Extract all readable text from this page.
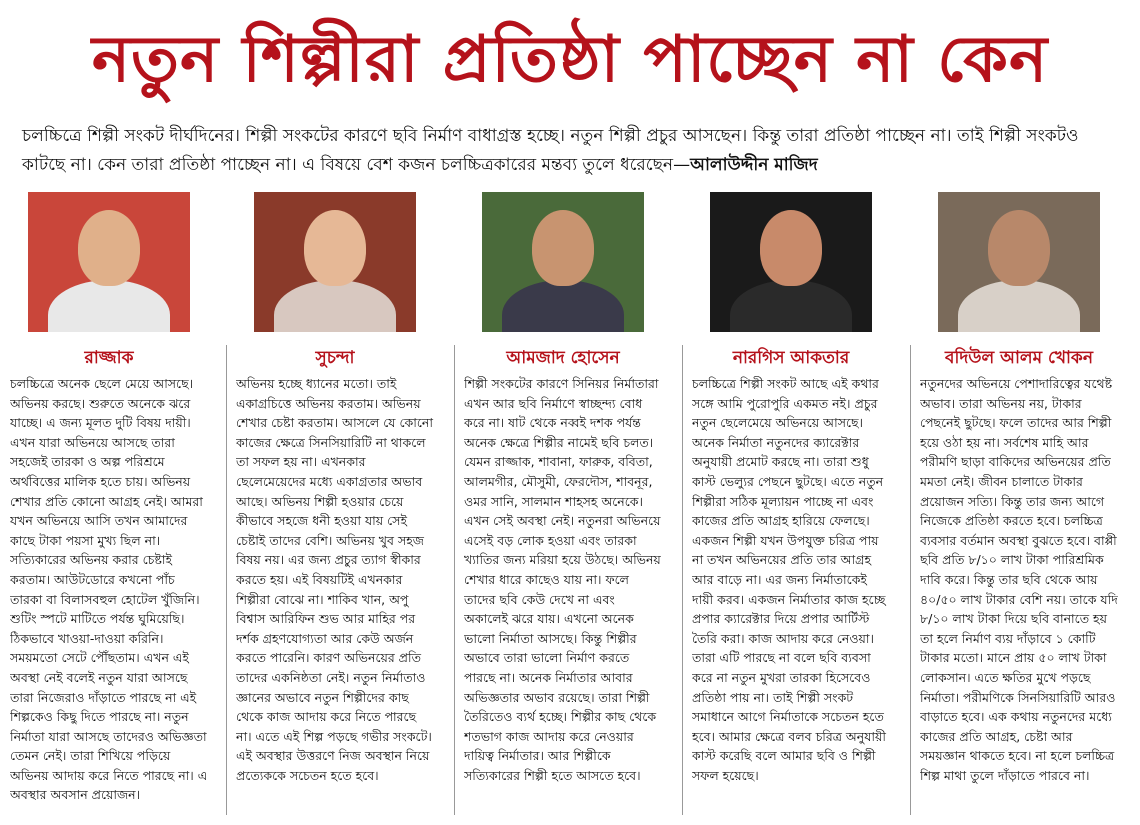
নতুন শিল্পীরা প্রতিষ্ঠা পাচ্ছেন না কেন
চলচ্চিত্রে শিল্পী সংকট দীর্ঘদিনের। শিল্পী সংকটের কারণে ছবি নির্মাণ বাধাগ্রস্ত হচ্ছে। নতুন শিল্পী প্রচুর আসছেন। কিন্তু তারা প্রতিষ্ঠা পাচ্ছেন না। তাই শিল্পী সংকটও কাটছে না। কেন তারা প্রতিষ্ঠা পাচ্ছেন না। এ বিষয়ে বেশ কজন চলচ্চিত্রকারের মন্তব্য তুলে ধরেছেন—আলাউদ্দীন মাজিদ
রাজ্জাক
চলচ্চিত্রে অনেক ছেলে মেয়ে আসছে। অভিনয় করছে। শুরুতে অনেকে ঝরে যাচ্ছে। এ জন্য মূলত দুটি বিষয় দায়ী। এখন যারা অভিনয়ে আসছে তারা সহজেই তারকা ও অল্প পরিশ্রমে অর্থবিত্তের মালিক হতে চায়। অভিনয় শেখার প্রতি কোনো আগ্রহ নেই। আমরা যখন অভিনয়ে আসি তখন আমাদের কাছে টাকা পয়সা মুখ্য ছিল না। সত্যিকারের অভিনয় করার চেষ্টাই করতাম। আউটডোরে কখনো পাঁচ তারকা বা বিলাসবহুল হোটেল খুঁজিনি। শুটিং স্পটে মাটিতে পর্যন্ত ঘুমিয়েছি। ঠিকভাবে খাওয়া-দাওয়া করিনি। সময়মতো সেটে পৌঁছতাম। এখন এই অবস্থা নেই বলেই নতুন যারা আসছে তারা নিজেরাও দাঁড়াতে পারছে না এই শিল্পকেও কিছু দিতে পারছে না। নতুন নির্মাতা যারা আসছে তাদেরও অভিজ্ঞতা তেমন নেই। তারা শিখিয়ে পড়িয়ে অভিনয় আদায় করে নিতে পারছে না। এ অবস্থার অবসান প্রয়োজন।
সুচন্দা
অভিনয় হচ্ছে ধ্যানের মতো। তাই একাগ্রচিত্তে অভিনয় করতাম। অভিনয় শেখার চেষ্টা করতাম। আসলে যে কোনো কাজের ক্ষেত্রে সিনসিয়ারিটি না থাকলে তা সফল হয় না। এখনকার ছেলেমেয়েদের মধ্যে একাগ্রতার অভাব আছে। অভিনয় শিল্পী হওয়ার চেয়ে কীভাবে সহজে ধনী হওয়া যায় সেই চেষ্টাই তাদের বেশি। অভিনয় খুব সহজ বিষয় নয়। এর জন্য প্রচুর ত্যাগ স্বীকার করতে হয়। এই বিষয়টিই এখনকার শিল্পীরা বোঝে না। শাকিব খান, অপু বিশ্বাস আরিফিন শুভ আর মাহির পর দর্শক গ্রহণযোগ্যতা আর কেউ অর্জন করতে পারেনি। কারণ অভিনয়ের প্রতি তাদের একনিষ্ঠতা নেই। নতুন নির্মাতাও জ্ঞানের অভাবে নতুন শিল্পীদের কাছ থেকে কাজ আদায় করে নিতে পারছে না। এতে এই শিল্প পড়ছে গভীর সংকটে। এই অবস্থার উত্তরণে নিজ অবস্থান নিয়ে প্রত্যেককে সচেতন হতে হবে।
আমজাদ হোসেন
শিল্পী সংকটের কারণে সিনিয়র নির্মাতারা এখন আর ছবি নির্মাণে স্বাচ্ছন্দ্য বোধ করে না। ষাট থেকে নব্বই দশক পর্যন্ত অনেক ক্ষেত্রে শিল্পীর নামেই ছবি চলত। যেমন রাজ্জাক, শাবানা, ফারুক, ববিতা, আলমগীর, মৌসুমী, ফেরদৌস, শাবনূর, ওমর সানি, সালমান শাহসহ অনেকে। এখন সেই অবস্থা নেই। নতুনরা অভিনয়ে এসেই বড় লোক হওয়া এবং তারকা খ্যাতির জন্য মরিয়া হয়ে উঠছে। অভিনয় শেখার ধারে কাছেও যায় না। ফলে তাদের ছবি কেউ দেখে না এবং অকালেই ঝরে যায়। এখনো অনেক ভালো নির্মাতা আসছে। কিন্তু শিল্পীর অভাবে তারা ভালো নির্মাণ করতে পারছে না। অনেক নির্মাতার আবার অভিজ্ঞতার অভাব রয়েছে। তারা শিল্পী তৈরিতেও ব্যর্থ হচ্ছে। শিল্পীর কাছ থেকে শতভাগ কাজ আদায় করে নেওয়ার দায়িত্ব নির্মাতার। আর শিল্পীকে সত্যিকারের শিল্পী হতে আসতে হবে।
নারগিস আকতার
চলচ্চিত্রে শিল্পী সংকট আছে এই কথার সঙ্গে আমি পুরোপুরি একমত নই। প্রচুর নতুন ছেলেমেয়ে অভিনয়ে আসছে। অনেক নির্মাতা নতুনদের ক্যারেক্টার অনুযায়ী প্রমোট করছে না। তারা শুধু কাস্ট ভেল্যুর পেছনে ছুটছে। এতে নতুন শিল্পীরা সঠিক মূল্যায়ন পাচ্ছে না এবং কাজের প্রতি আগ্রহ হারিয়ে ফেলছে। একজন শিল্পী যখন উপযুক্ত চরিত্র পায় না তখন অভিনয়ের প্রতি তার আগ্রহ আর বাড়ে না। এর জন্য নির্মাতাকেই দায়ী করব। একজন নির্মাতার কাজ হচ্ছে প্রপার ক্যারেক্টার দিয়ে প্রপার আর্টিস্ট তৈরি করা। কাজ আদায় করে নেওয়া। তারা এটি পারছে না বলে ছবি ব্যবসা করে না নতুন মুখরা তারকা হিসেবেও প্রতিষ্ঠা পায় না। তাই শিল্পী সংকট সমাধানে আগে নির্মাতাকে সচেতন হতে হবে। আমার ক্ষেত্রে বলব চরিত্র অনুযায়ী কাস্ট করেছি বলে আমার ছবি ও শিল্পী সফল হয়েছে।
বদিউল আলম খোকন
নতুনদের অভিনয়ে পেশাদারিত্বের যথেষ্ট অভাব। তারা অভিনয় নয়, টাকার পেছনেই ছুটছে। ফলে তাদের আর শিল্পী হয়ে ওঠা হয় না। সর্বশেষ মাহি আর পরীমণি ছাড়া বাকিদের অভিনয়ের প্রতি মমতা নেই। জীবন চালাতে টাকার প্রয়োজন সত্যি। কিন্তু তার জন্য আগে নিজেকে প্রতিষ্ঠা করতে হবে। চলচ্চিত্র ব্যবসার বর্তমান অবস্থা বুঝতে হবে। বাপ্পী ছবি প্রতি ৮/১০ লাখ টাকা পারিশ্রমিক দাবি করে। কিন্তু তার ছবি থেকে আয় ৪০/৫০ লাখ টাকার বেশি নয়। তাকে যদি ৮/১০ লাখ টাকা দিয়ে ছবি বানাতে হয় তা হলে নির্মাণ ব্যয় দাঁড়াবে ১ কোটি টাকার মতো। মানে প্রায় ৫০ লাখ টাকা লোকসান। এতে ক্ষতির মুখে পড়ছে নির্মাতা। পরীমণিকে সিনসিয়ারিটি আরও বাড়াতে হবে। এক কথায় নতুনদের মধ্যে কাজের প্রতি আগ্রহ, চেষ্টা আর সময়জ্ঞান থাকতে হবে। না হলে চলচ্চিত্র শিল্প মাথা তুলে দাঁড়াতে পারবে না।
